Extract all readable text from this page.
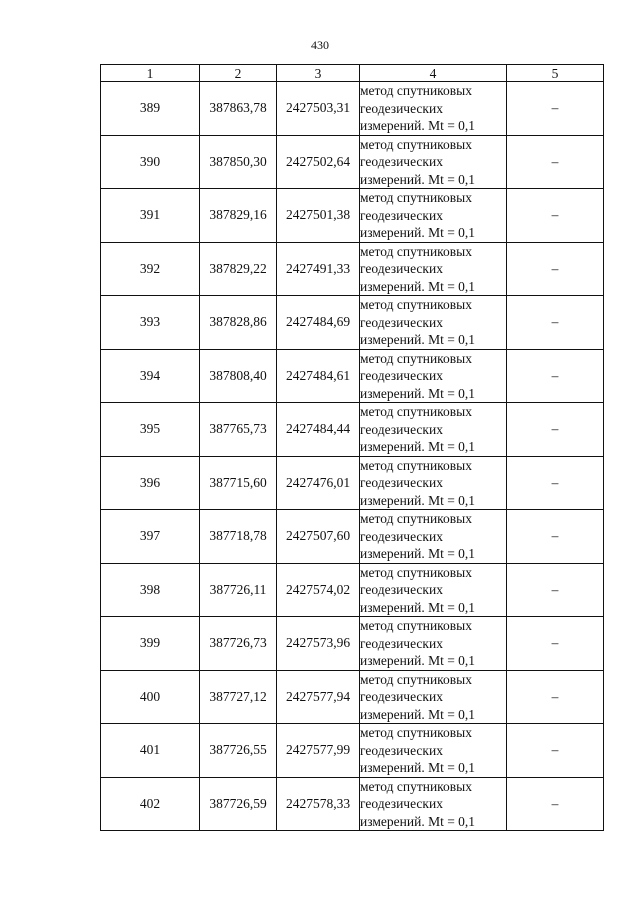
430
1	2	3	4	5
389	387863,78	2427503,31	метод спутниковых
геодезических
измерений. Mt = 0,1	–
390	387850,30	2427502,64	метод спутниковых
геодезических
измерений. Mt = 0,1	–
391	387829,16	2427501,38	метод спутниковых
геодезических
измерений. Mt = 0,1	–
392	387829,22	2427491,33	метод спутниковых
геодезических
измерений. Mt = 0,1	–
393	387828,86	2427484,69	метод спутниковых
геодезических
измерений. Mt = 0,1	–
394	387808,40	2427484,61	метод спутниковых
геодезических
измерений. Mt = 0,1	–
395	387765,73	2427484,44	метод спутниковых
геодезических
измерений. Mt = 0,1	–
396	387715,60	2427476,01	метод спутниковых
геодезических
измерений. Mt = 0,1	–
397	387718,78	2427507,60	метод спутниковых
геодезических
измерений. Mt = 0,1	–
398	387726,11	2427574,02	метод спутниковых
геодезических
измерений. Mt = 0,1	–
399	387726,73	2427573,96	метод спутниковых
геодезических
измерений. Mt = 0,1	–
400	387727,12	2427577,94	метод спутниковых
геодезических
измерений. Mt = 0,1	–
401	387726,55	2427577,99	метод спутниковых
геодезических
измерений. Mt = 0,1	–
402	387726,59	2427578,33	метод спутниковых
геодезических
измерений. Mt = 0,1	–
